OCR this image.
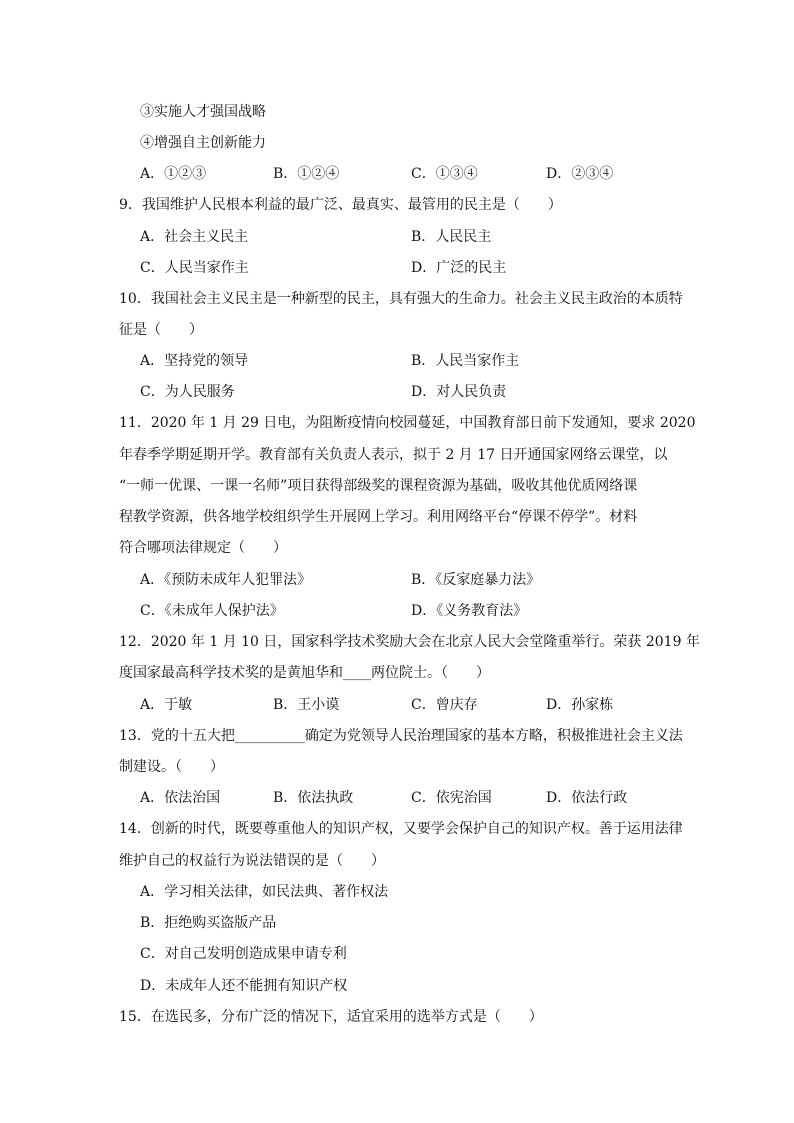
③实施人才强国战略
④增强自主创新能力
A．①②③	B．①②④	C．①③④	D．②③④
9．我国维护人民根本利益的最广泛、最真实、最管用的民主是（　　）
A．社会主义民主	B．人民民主
C．人民当家作主	D．广泛的民主
10．我国社会主义民主是一种新型的民主，具有强大的生命力。社会主义民主政治的本质特
征是（　　）
A．坚持党的领导	B．人民当家作主
C．为人民服务	D．对人民负责
11．2020 年 1 月 29 日电，为阻断疫情向校园蔓延，中国教育部日前下发通知，要求 2020
年春季学期延期开学。教育部有关负责人表示，拟于 2 月 17 日开通国家网络云课堂，以
“一师一优课、一课一名师”项目获得部级奖的课程资源为基础，吸收其他优质网络课
程教学资源，供各地学校组织学生开展网上学习。利用网络平台“停课不停学”。材料
符合哪项法律规定（　　）
A．《预防未成年人犯罪法》	B．《反家庭暴力法》
C．《未成年人保护法》	D．《义务教育法》
12．2020 年 1 月 10 日，国家科学技术奖励大会在北京人民大会堂隆重举行。荣获 2019 年
度国家最高科学技术奖的是黄旭华和____两位院士。（　　）
A．于敏	B．王小谟	C．曾庆存	D．孙家栋
13．党的十五大把__________确定为党领导人民治理国家的基本方略，积极推进社会主义法
制建设。（　　）
A．依法治国	B．依法执政	C．依宪治国	D．依法行政
14．创新的时代，既要尊重他人的知识产权，又要学会保护自己的知识产权。善于运用法律
维护自己的权益行为说法错误的是（　　）
A．学习相关法律，如民法典、著作权法
B．拒绝购买盗版产品
C．对自己发明创造成果申请专利
D．未成年人还不能拥有知识产权
15．在选民多，分布广泛的情况下，适宜采用的选举方式是（　　）
